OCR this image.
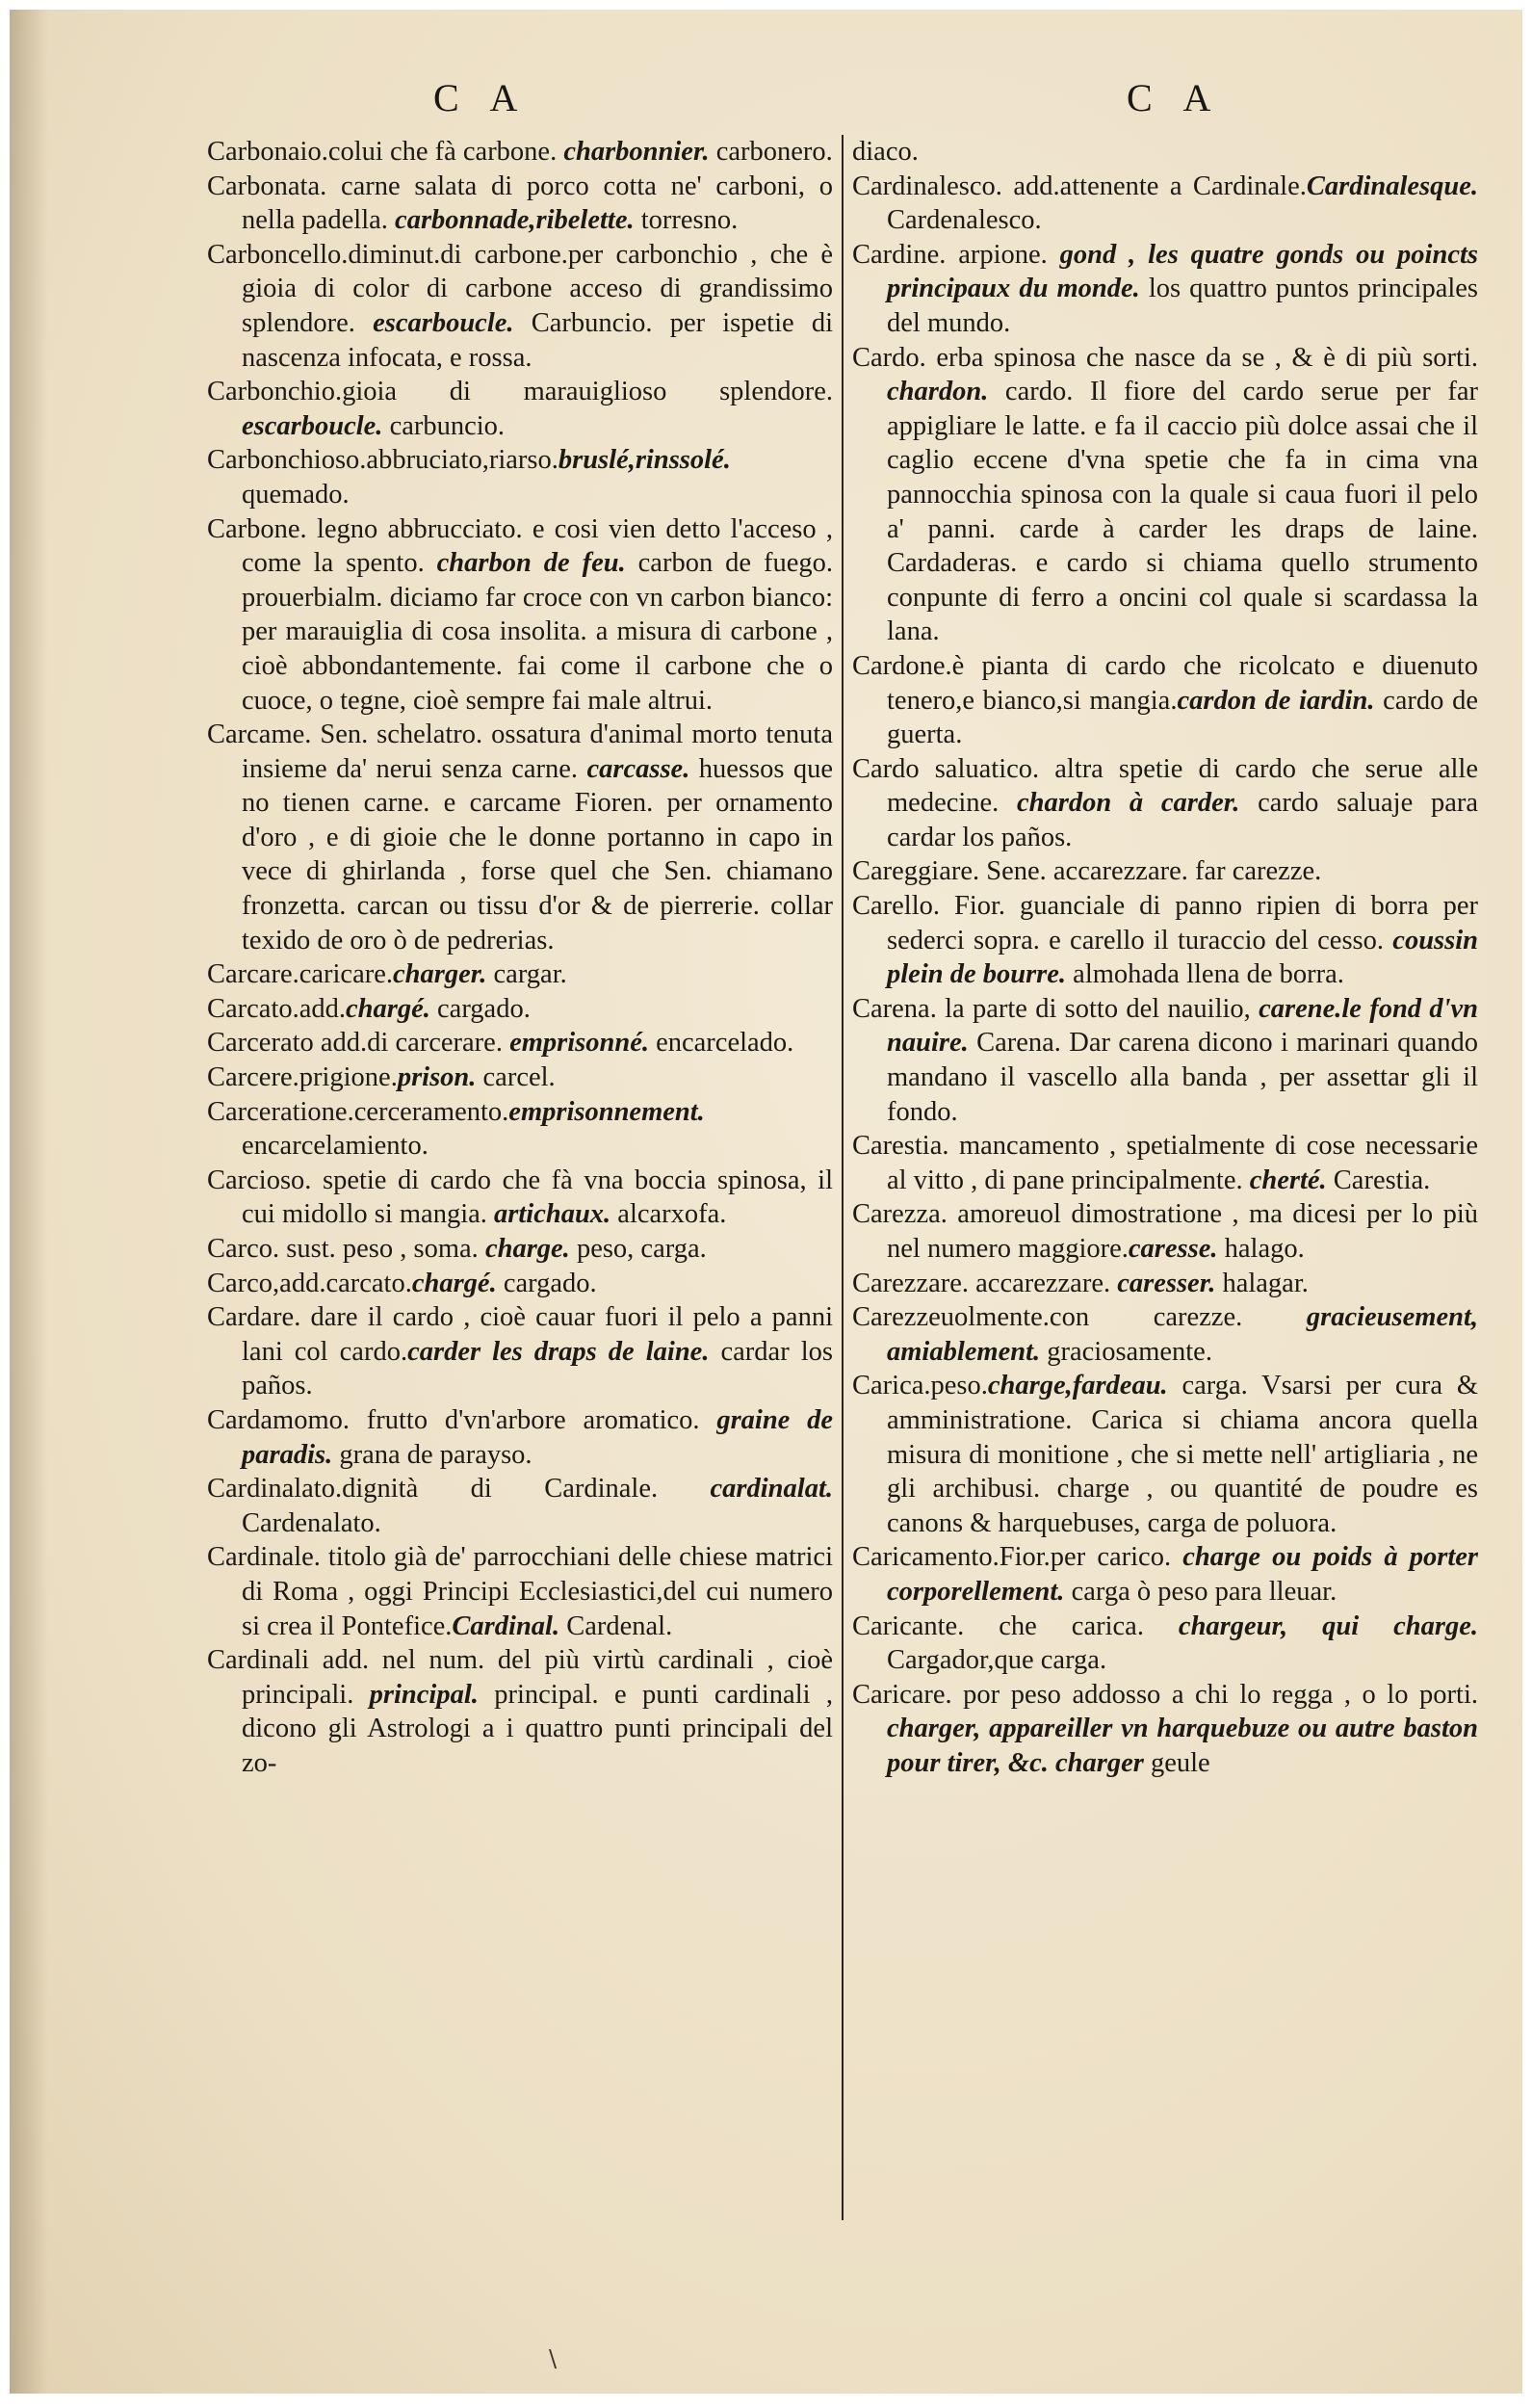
C A	C A
Carbonaio.colui che fà carbone. charbonnier. carbonero.
Carbonata. carne salata di porco cotta ne' carboni, o nella padella. carbonnade,ribelette. torresno.
Carboncello.diminut.di carbone.per carbonchio , che è gioia di color di carbone acceso di grandissimo splendore. escarboucle. Carbuncio. per ispetie di nascenza infocata, e rossa.
Carbonchio.gioia di marauiglioso splendore. escarboucle. carbuncio.
Carbonchioso.abbruciato,riarso.bruslé,rinssolé. quemado.
Carbone. legno abbrucciato. e cosi vien detto l'acceso , come la spento. charbon de feu. carbon de fuego. prouerbialm. diciamo far croce con vn carbon bianco: per marauiglia di cosa insolita. a misura di carbone , cioè abbondantemente. fai come il carbone che o cuoce, o tegne, cioè sempre fai male altrui.
Carcame. Sen. schelatro. ossatura d'animal morto tenuta insieme da' nerui senza carne. carcasse. huessos que no tienen carne. e carcame Fioren. per ornamento d'oro , e di gioie che le donne portanno in capo in vece di ghirlanda , forse quel che Sen. chiamano fronzetta. carcan ou tissu d'or & de pierrerie. collar texido de oro ò de pedrerias.
Carcare.caricare.charger. cargar.
Carcato.add.chargé. cargado.
Carcerato add.di carcerare. emprisonné. encarcelado.
Carcere.prigione.prison. carcel.
Carceratione.cerceramento.emprisonnement. encarcelamiento.
Carcioso. spetie di cardo che fà vna boccia spinosa, il cui midollo si mangia. artichaux. alcarxofa.
Carco. sust. peso , soma. charge. peso, carga.
Carco,add.carcato.chargé. cargado.
Cardare. dare il cardo , cioè cauar fuori il pelo a panni lani col cardo.carder les draps de laine. cardar los paños.
Cardamomo. frutto d'vn'arbore aromatico. graine de paradis. grana de parayso.
Cardinalato.dignità di Cardinale. cardinalat. Cardenalato.
Cardinale. titolo già de' parrocchiani delle chiese matrici di Roma , oggi Principi Ecclesiastici,del cui numero si crea il Pontefice.Cardinal. Cardenal.
Cardinali add. nel num. del più virtù cardinali , cioè principali. principal. principal. e punti cardinali , dicono gli Astrologi a i quattro punti principali del zo-
diaco.
Cardinalesco. add.attenente a Cardinale.Cardinalesque. Cardenalesco.
Cardine. arpione. gond , les quatre gonds ou poincts principaux du monde. los quattro puntos principales del mundo.
Cardo. erba spinosa che nasce da se , & è di più sorti. chardon. cardo. Il fiore del cardo serue per far appigliare le latte. e fa il caccio più dolce assai che il caglio eccene d'vna spetie che fa in cima vna pannocchia spinosa con la quale si caua fuori il pelo a' panni. carde à carder les draps de laine. Cardaderas. e cardo si chiama quello strumento conpunte di ferro a oncini col quale si scardassa la lana.
Cardone.è pianta di cardo che ricolcato e diuenuto tenero,e bianco,si mangia.cardon de iardin. cardo de guerta.
Cardo saluatico. altra spetie di cardo che serue alle medecine. chardon à carder. cardo saluaje para cardar los paños.
Careggiare. Sene. accarezzare. far carezze.
Carello. Fior. guanciale di panno ripien di borra per sederci sopra. e carello il turaccio del cesso. coussin plein de bourre. almohada llena de borra.
Carena. la parte di sotto del nauilio, carene.le fond d'vn nauire. Carena. Dar carena dicono i marinari quando mandano il vascello alla banda , per assettar gli il fondo.
Carestia. mancamento , spetialmente di cose necessarie al vitto , di pane principalmente. cherté. Carestia.
Carezza. amoreuol dimostratione , ma dicesi per lo più nel numero maggiore.caresse. halago.
Carezzare. accarezzare. caresser. halagar.
Carezzeuolmente.con carezze. gracieusement, amiablement. graciosamente.
Carica.peso.charge,fardeau. carga. Vsarsi per cura & amministratione. Carica si chiama ancora quella misura di monitione , che si mette nell' artigliaria , ne gli archibusi. charge , ou quantité de poudre es canons & harquebuses, carga de poluora.
Caricamento.Fior.per carico. charge ou poids à porter corporellement. carga ò peso para lleuar.
Caricante. che carica. chargeur, qui charge. Cargador,que carga.
Caricare. por peso addosso a chi lo regga , o lo porti. charger, appareiller vn harquebuze ou autre baston pour tirer, &c. charger geule
\
